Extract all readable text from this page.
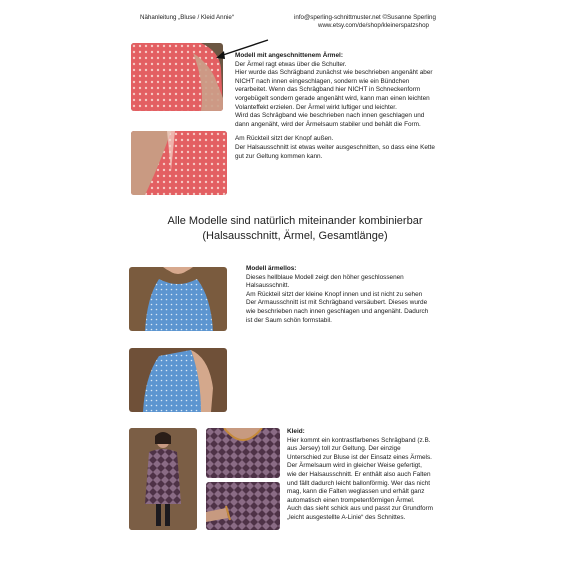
Nähanleitung „Bluse / Kleid Annie“	info@sperling-schnittmuster.net ©Susanne Sperling
www.etsy.com/de/shop/kleinerspatzshop

Modell mit angeschnittenem Ärmel:

Der Ärmel ragt etwas über die Schulter.

Hier wurde das Schrägband zunächst wie beschrieben angenäht aber

NICHT nach innen eingeschlagen, sondern wie ein Bündchen

verarbeitet. Wenn das Schrägband hier NICHT in Schneckenform

vorgebügelt sondern gerade angenäht wird, kann man einen leichten

Volanteffekt erzielen. Der Ärmel wirkt luftiger und leichter.

Wird das Schrägband wie beschrieben nach innen geschlagen und

dann angenäht, wird der Ärmelsaum stabiler und behält die Form.

Am Rückteil sitzt der Knopf außen.

Der Halsausschnitt ist etwas weiter ausgeschnitten, so dass eine Kette

gut zur Geltung kommen kann.

Alle Modelle sind natürlich miteinander kombinierbar
(Halsausschnitt, Ärmel, Gesamtlänge)

Modell ärmellos:

Dieses hellblaue Modell zeigt den höher geschlossenen

Halsausschnitt.

Am Rückteil sitzt der kleine Knopf innen und ist nicht zu sehen

Der Armausschnitt ist mit Schrägband versäubert. Dieses wurde

wie beschrieben nach innen geschlagen und angenäht. Dadurch

ist der Saum schön formstabil.

Kleid:

Hier kommt ein kontrastfarbenes Schrägband (z.B.

aus Jersey) toll zur Geltung. Der einzige

Unterschied zur Bluse ist der Einsatz eines Ärmels.

Der Ärmelsaum wird in gleicher Weise gefertigt,

wie der Halsausschnitt. Er enthält also auch Falten

und fällt dadurch leicht ballonförmig. Wer das nicht

mag, kann die Falten weglassen und erhält ganz

automatisch einen trompetenförmigen Ärmel.

Auch das sieht schick aus und passt zur Grundform

„leicht ausgestellte A-Linie“ des Schnittes.
